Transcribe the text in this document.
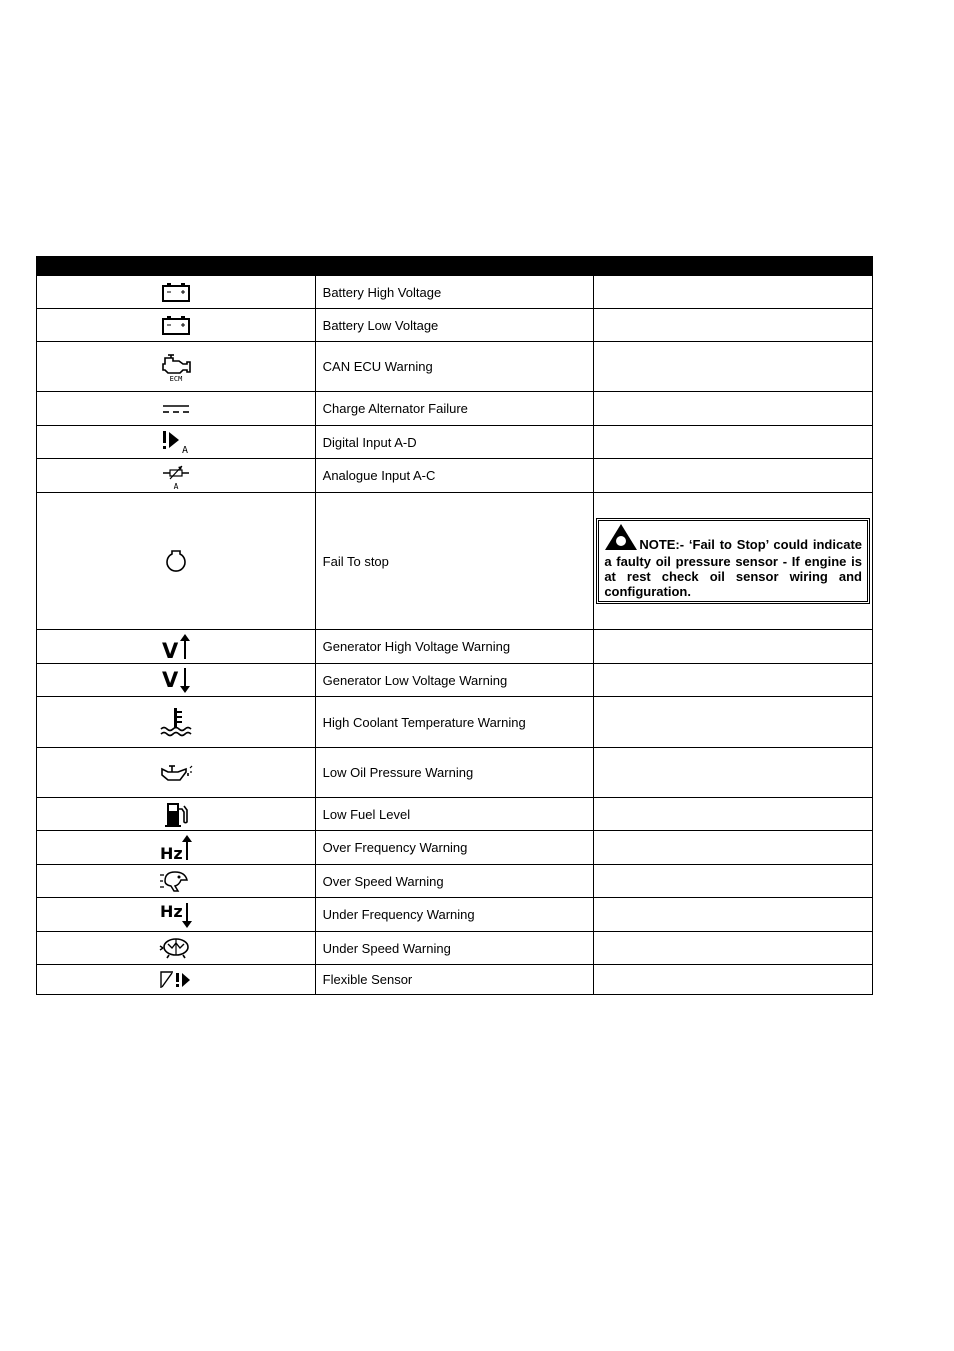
	Battery High Voltage	

	Battery Low Voltage	

ECM	CAN ECU Warning	

	Charge Alternator Failure	

A	Digital Input A-D	

A	Analogue Input A-C	

	Fail To stop	NOTE:- ‘Fail to Stop’ could indicate a faulty oil pressure sensor - If engine is at rest check oil sensor wiring and configuration.

V	Generator High Voltage Warning	

V	Generator Low Voltage Warning	

	High Coolant Temperature Warning	

	Low Oil Pressure Warning	

	Low Fuel Level	

Hz	Over Frequency Warning	

	Over Speed Warning	

Hz	Under Frequency Warning	

	Under Speed Warning	

	Flexible Sensor	
